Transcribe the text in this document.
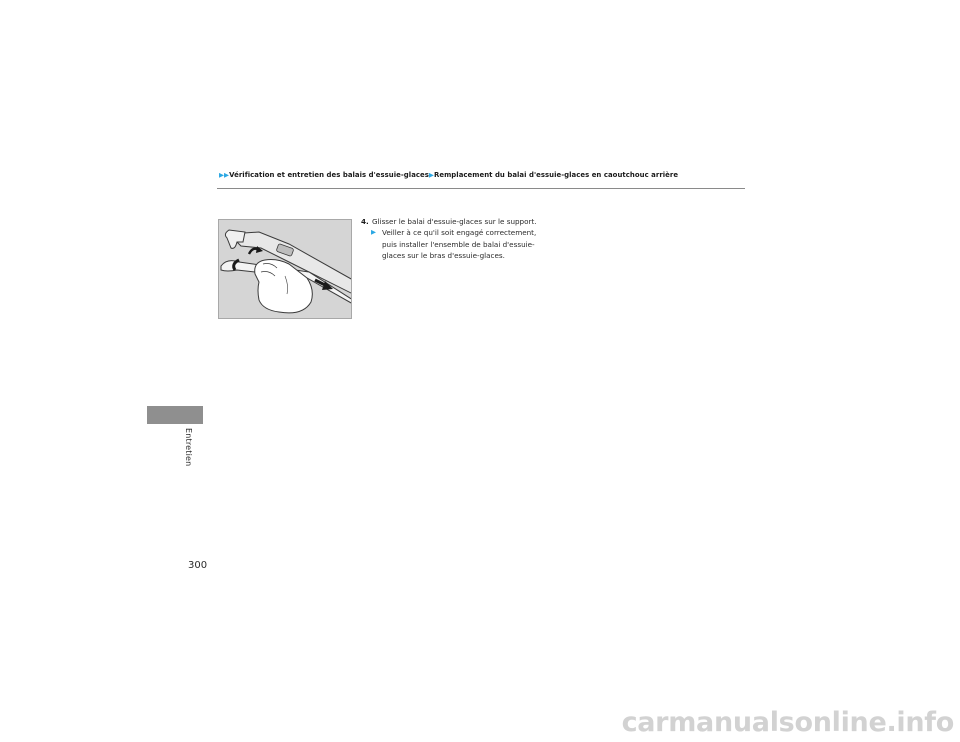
▶▶Vérification et entretien des balais d'essuie-glaces▶Remplacement du balai d'essuie-glaces en caoutchouc arrière
4. Glisser le balai d'essuie-glaces sur le support.
▶ Veiller à ce qu'il soit engagé correctement,
puis installer l'ensemble de balai d'essuie-
glaces sur le bras d'essuie-glaces.
Entretien
300
carmanualsonline.info
